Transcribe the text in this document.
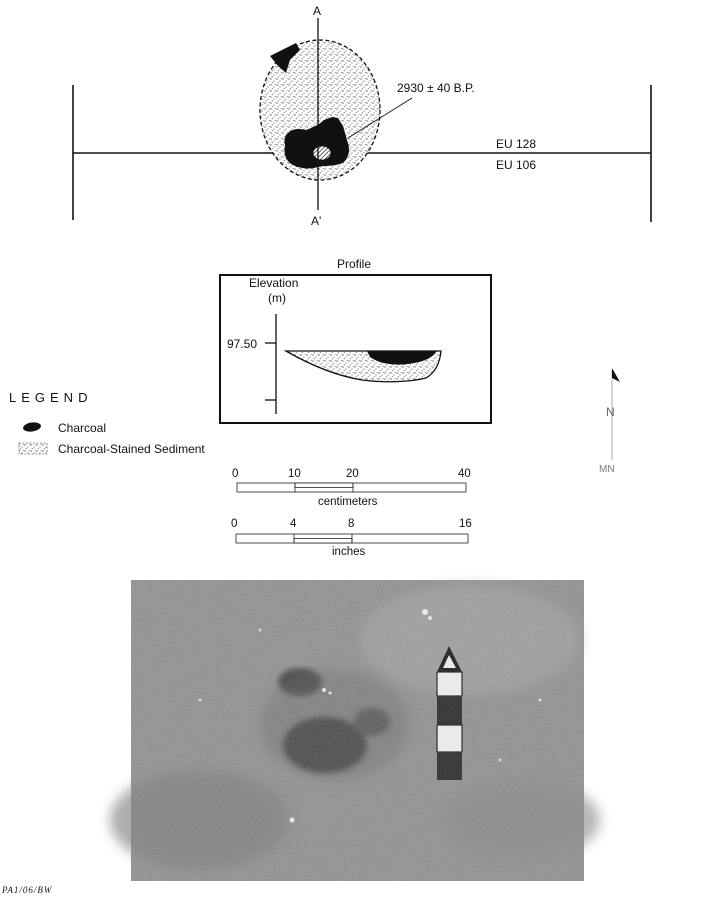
A
A'
2930 ± 40 B.P.
EU 128
EU 106
Profile
Elevation
(m)
97.50
LEGEND
Charcoal
Charcoal-Stained Sediment
N
MN
0	10	20	40
centimeters
0	4	8	16
inches
PA1/06/BW
